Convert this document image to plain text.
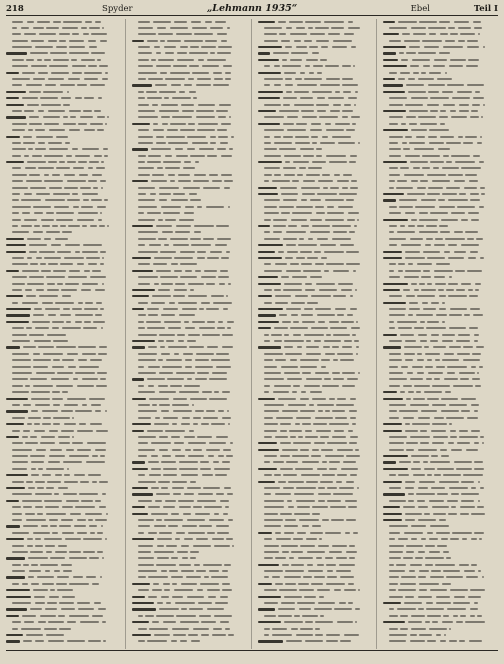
218	Spyder	„Lehmann 1935“	Ebel	Teil I
